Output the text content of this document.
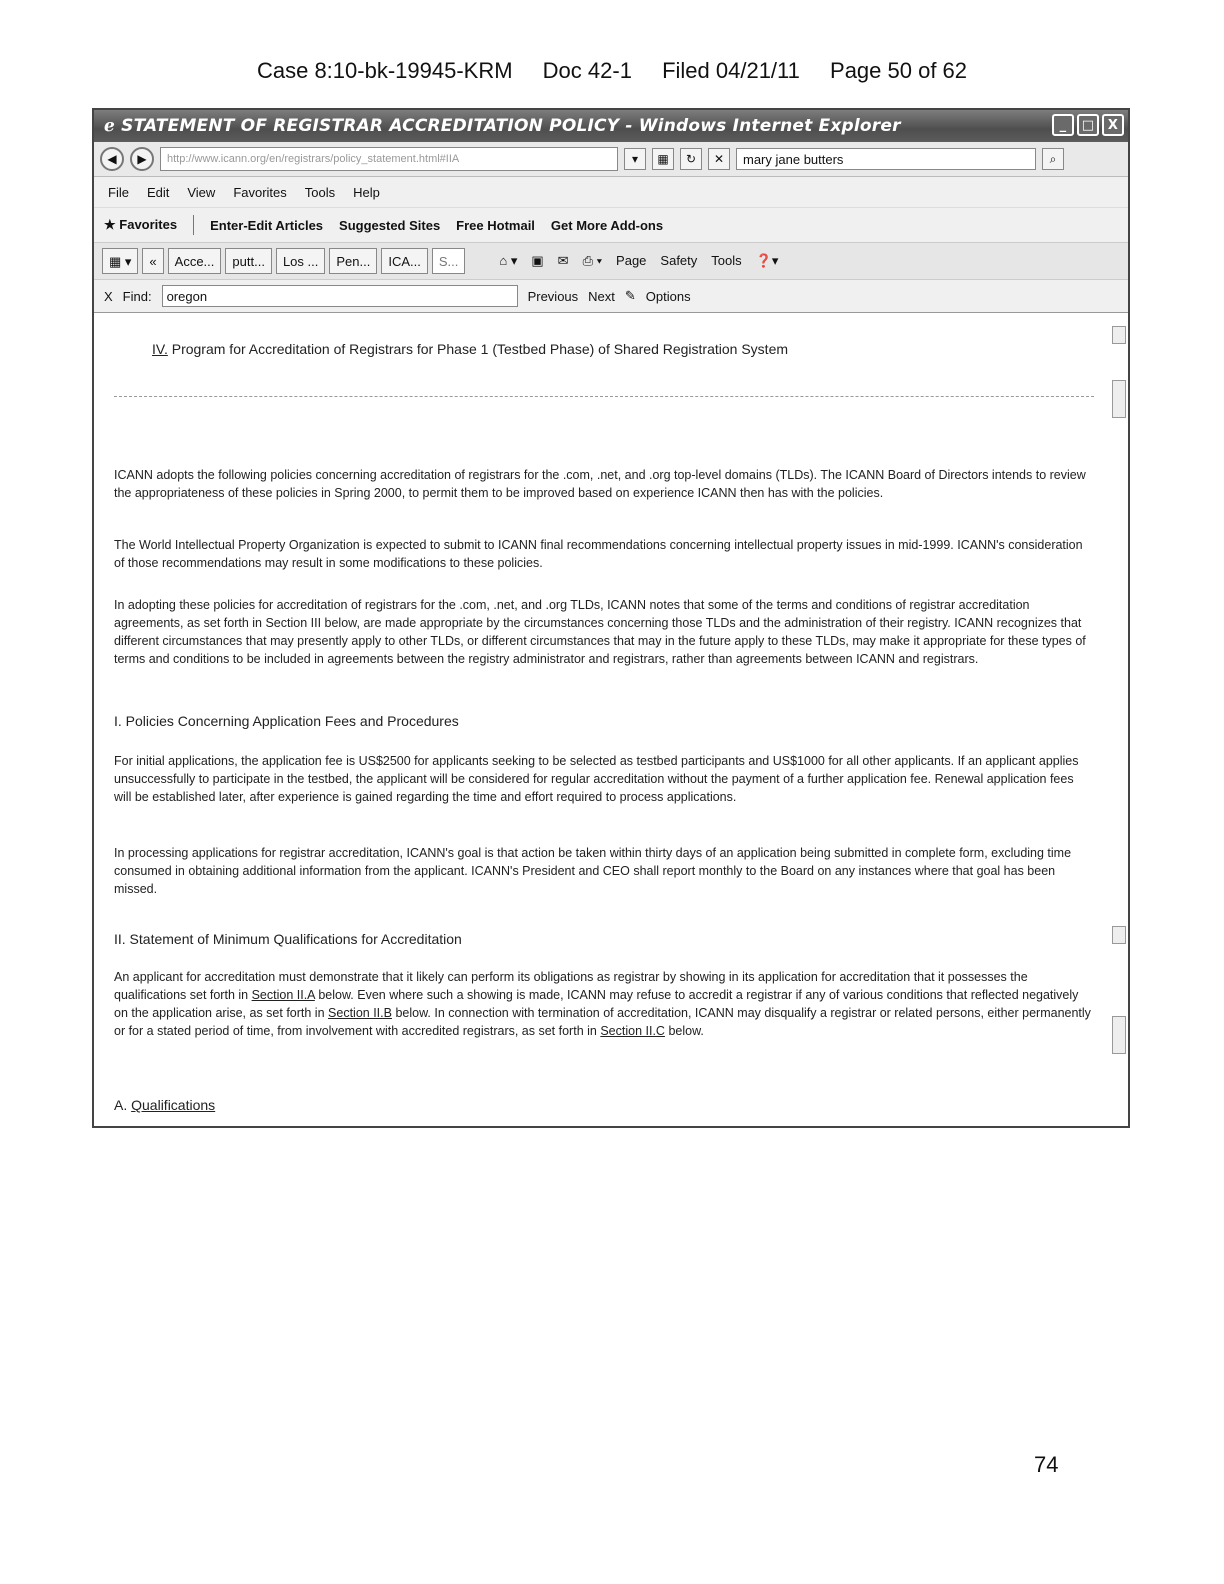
Case 8:10-bk-19945-KRM Doc 42-1 Filed 04/21/11 Page 50 of 62
ℯ STATEMENT OF REGISTRAR ACCREDITATION POLICY - Windows Internet Explorer	_	□	X
◀	▶	http://www.icann.org/en/registrars/policy_statement.html#IIA	▾	▦	↻	✕	mary jane butters	⌕
File Edit View Favorites Tools Help
★ Favorites	Enter-Edit Articles Suggested Sites Free Hotmail Get More Add-ons
▦ ▾	«	Acce...	putt...	Los ...	Pen...	ICA...	S...	⌂ ▾ ▣ ✉ ⎙ ▾ Page Safety Tools ❓▾
X Find:	oregon	Previous Next ✎ Options
IV. Program for Accreditation of Registrars for Phase 1 (Testbed Phase) of Shared Registration System

ICANN adopts the following policies concerning accreditation of registrars for the .com, .net, and .org top-level domains (TLDs). The ICANN Board of Directors intends to review the appropriateness of these policies in Spring 2000, to permit them to be improved based on experience ICANN then has with the policies.

The World Intellectual Property Organization is expected to submit to ICANN final recommendations concerning intellectual property issues in mid-1999. ICANN's consideration of those recommendations may result in some modifications to these policies.

In adopting these policies for accreditation of registrars for the .com, .net, and .org TLDs, ICANN notes that some of the terms and conditions of registrar accreditation agreements, as set forth in Section III below, are made appropriate by the circumstances concerning those TLDs and the administration of their registry. ICANN recognizes that different circumstances that may presently apply to other TLDs, or different circumstances that may in the future apply to these TLDs, may make it appropriate for these types of terms and conditions to be included in agreements between the registry administrator and registrars, rather than agreements between ICANN and registrars.

I. Policies Concerning Application Fees and Procedures

For initial applications, the application fee is US$2500 for applicants seeking to be selected as testbed participants and US$1000 for all other applicants. If an applicant applies unsuccessfully to participate in the testbed, the applicant will be considered for regular accreditation without the payment of a further application fee. Renewal application fees will be established later, after experience is gained regarding the time and effort required to process applications.

In processing applications for registrar accreditation, ICANN's goal is that action be taken within thirty days of an application being submitted in complete form, excluding time consumed in obtaining additional information from the applicant. ICANN's President and CEO shall report monthly to the Board on any instances where that goal has been missed.

II. Statement of Minimum Qualifications for Accreditation

An applicant for accreditation must demonstrate that it likely can perform its obligations as registrar by showing in its application for accreditation that it possesses the qualifications set forth in Section II.A below. Even where such a showing is made, ICANN may refuse to accredit a registrar if any of various conditions that reflected negatively on the application arise, as set forth in Section II.B below. In connection with termination of accreditation, ICANN may disqualify a registrar or related persons, either permanently or for a stated period of time, from involvement with accredited registrars, as set forth in Section II.C below.

A. Qualifications
74
